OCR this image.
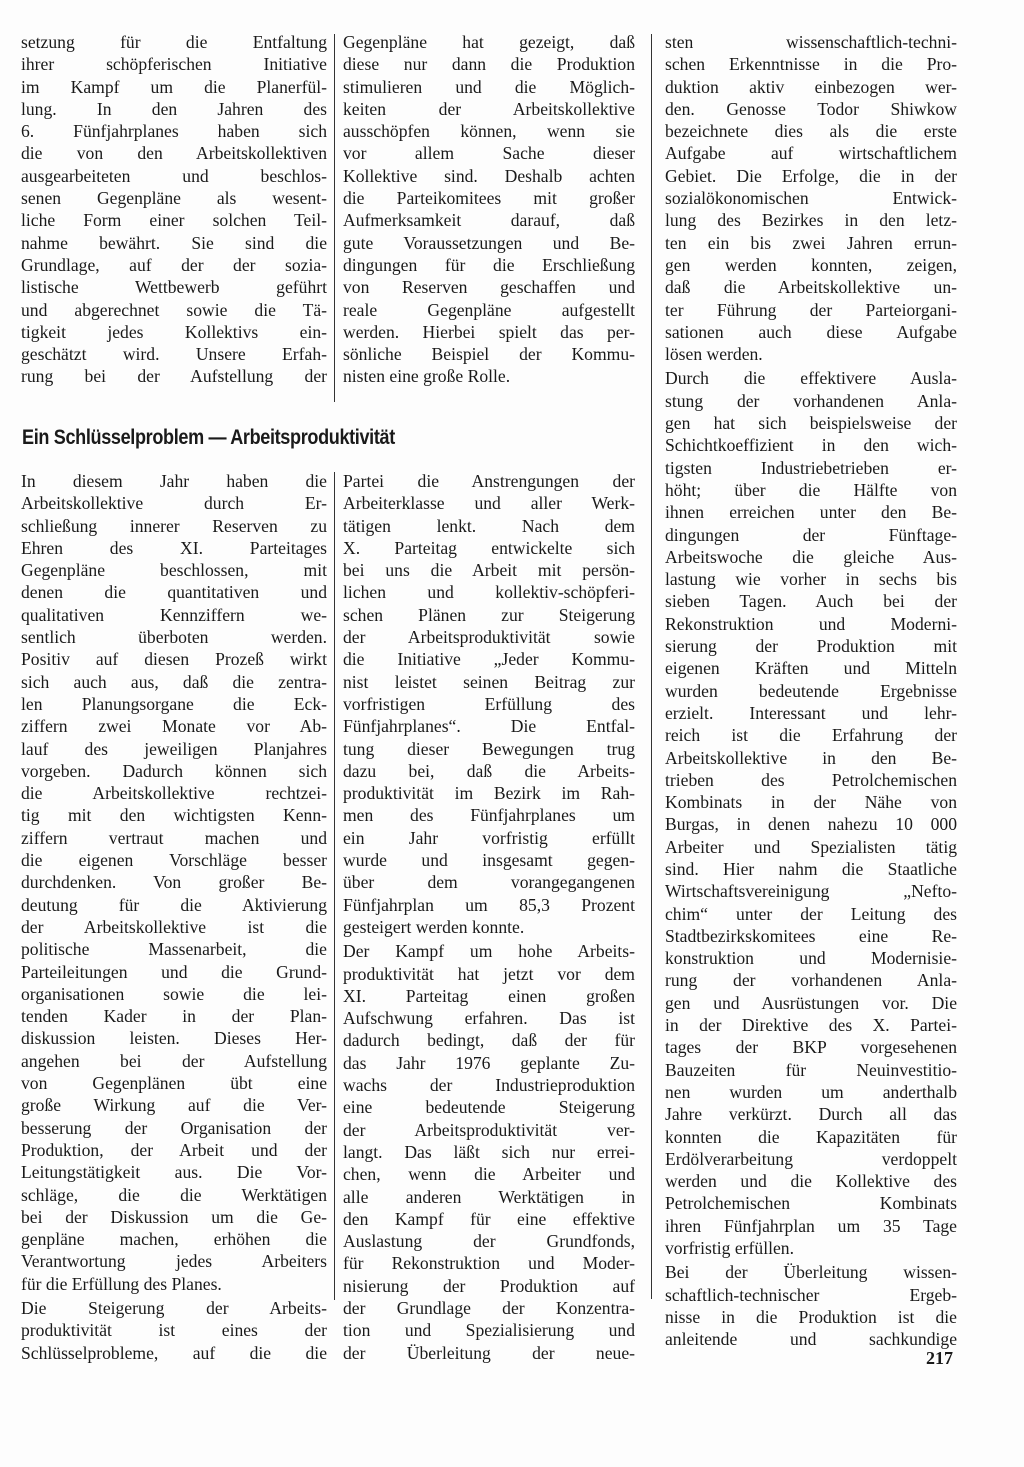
setzung für die Entfaltung
ihrer schöpferischen Initiative
im Kampf um die Planerfül-
lung. In den Jahren des
6. Fünfjahrplanes haben sich
die von den Arbeitskollektiven
ausgearbeiteten und beschlos-
senen Gegenpläne als wesent-
liche Form einer solchen Teil-
nahme bewährt. Sie sind die
Grundlage, auf der der sozia-
listische Wettbewerb geführt
und abgerechnet sowie die Tä-
tigkeit jedes Kollektivs ein-
geschätzt wird. Unsere Erfah-
rung bei der Aufstellung der

Gegenpläne hat gezeigt, daß
diese nur dann die Produktion
stimulieren und die Möglich-
keiten der Arbeitskollektive
ausschöpfen können, wenn sie
vor allem Sache dieser
Kollektive sind. Deshalb achten
die Parteikomitees mit großer
Aufmerksamkeit darauf, daß
gute Voraussetzungen und Be-
dingungen für die Erschließung
von Reserven geschaffen und
reale Gegenpläne aufgestellt
werden. Hierbei spielt das per-
sönliche Beispiel der Kommu-
nisten eine große Rolle.

sten wissenschaftlich-techni-
schen Erkenntnisse in die Pro-
duktion aktiv einbezogen wer-
den. Genosse Todor Shiwkow
bezeichnete dies als die erste
Aufgabe auf wirtschaftlichem
Gebiet. Die Erfolge, die in der
sozialökonomischen Entwick-
lung des Bezirkes in den letz-
ten ein bis zwei Jahren errun-
gen werden konnten, zeigen,
daß die Arbeitskollektive un-
ter Führung der Parteiorgani-
sationen auch diese Aufgabe
lösen werden.

Durch die effektivere Ausla-
stung der vorhandenen Anla-
gen hat sich beispielsweise der
Schichtkoeffizient in den wich-
tigsten Industriebetrieben er-
höht; über die Hälfte von
ihnen erreichen unter den Be-
dingungen der Fünftage-
Arbeitswoche die gleiche Aus-
lastung wie vorher in sechs bis
sieben Tagen. Auch bei der
Rekonstruktion und Moderni-
sierung der Produktion mit
eigenen Kräften und Mitteln
wurden bedeutende Ergebnisse
erzielt. Interessant und lehr-
reich ist die Erfahrung der
Arbeitskollektive in den Be-
trieben des Petrolchemischen
Kombinats in der Nähe von
Burgas, in denen nahezu 10 000
Arbeiter und Spezialisten tätig
sind. Hier nahm die Staatliche
Wirtschaftsvereinigung „Nefto-
chim“ unter der Leitung des
Stadtbezirkskomitees eine Re-
konstruktion und Modernisie-
rung der vorhandenen Anla-
gen und Ausrüstungen vor. Die
in der Direktive des X. Partei-
tages der BKP vorgesehenen
Bauzeiten für Neuinvestitio-
nen wurden um anderthalb
Jahre verkürzt. Durch all das
konnten die Kapazitäten für
Erdölverarbeitung verdoppelt
werden und die Kollektive des
Petrolchemischen Kombinats
ihren Fünfjahrplan um 35 Tage
vorfristig erfüllen.

Bei der Überleitung wissen-
schaftlich-technischer Ergeb-
nisse in die Produktion ist die
anleitende und sachkundige

Ein Schlüsselproblem — Arbeitsproduktivität

In diesem Jahr haben die
Arbeitskollektive durch Er-
schließung innerer Reserven zu
Ehren des XI. Parteitages
Gegenpläne beschlossen, mit
denen die quantitativen und
qualitativen Kennziffern we-
sentlich überboten werden.
Positiv auf diesen Prozeß wirkt
sich auch aus, daß die zentra-
len Planungsorgane die Eck-
ziffern zwei Monate vor Ab-
lauf des jeweiligen Planjahres
vorgeben. Dadurch können sich
die Arbeitskollektive rechtzei-
tig mit den wichtigsten Kenn-
ziffern vertraut machen und
die eigenen Vorschläge besser
durchdenken. Von großer Be-
deutung für die Aktivierung
der Arbeitskollektive ist die
politische Massenarbeit, die
Parteileitungen und die Grund-
organisationen sowie die lei-
tenden Kader in der Plan-
diskussion leisten. Dieses Her-
angehen bei der Aufstellung
von Gegenplänen übt eine
große Wirkung auf die Ver-
besserung der Organisation der
Produktion, der Arbeit und der
Leitungstätigkeit aus. Die Vor-
schläge, die die Werktätigen
bei der Diskussion um die Ge-
genpläne machen, erhöhen die
Verantwortung jedes Arbeiters
für die Erfüllung des Planes.

Die Steigerung der Arbeits-
produktivität ist eines der
Schlüsselprobleme, auf die die

Partei die Anstrengungen der
Arbeiterklasse und aller Werk-
tätigen lenkt. Nach dem
X. Parteitag entwickelte sich
bei uns die Arbeit mit persön-
lichen und kollektiv-schöpferi-
schen Plänen zur Steigerung
der Arbeitsproduktivität sowie
die Initiative „Jeder Kommu-
nist leistet seinen Beitrag zur
vorfristigen Erfüllung des
Fünfjahrplanes“. Die Entfal-
tung dieser Bewegungen trug
dazu bei, daß die Arbeits-
produktivität im Bezirk im Rah-
men des Fünfjahrplanes um
ein Jahr vorfristig erfüllt
wurde und insgesamt gegen-
über dem vorangegangenen
Fünfjahrplan um 85,3 Prozent
gesteigert werden konnte.

Der Kampf um hohe Arbeits-
produktivität hat jetzt vor dem
XI. Parteitag einen großen
Aufschwung erfahren. Das ist
dadurch bedingt, daß der für
das Jahr 1976 geplante Zu-
wachs der Industrieproduktion
eine bedeutende Steigerung
der Arbeitsproduktivität ver-
langt. Das läßt sich nur errei-
chen, wenn die Arbeiter und
alle anderen Werktätigen in
den Kampf für eine effektive
Auslastung der Grundfonds,
für Rekonstruktion und Moder-
nisierung der Produktion auf
der Grundlage der Konzentra-
tion und Spezialisierung und
der Überleitung der neue-	217
